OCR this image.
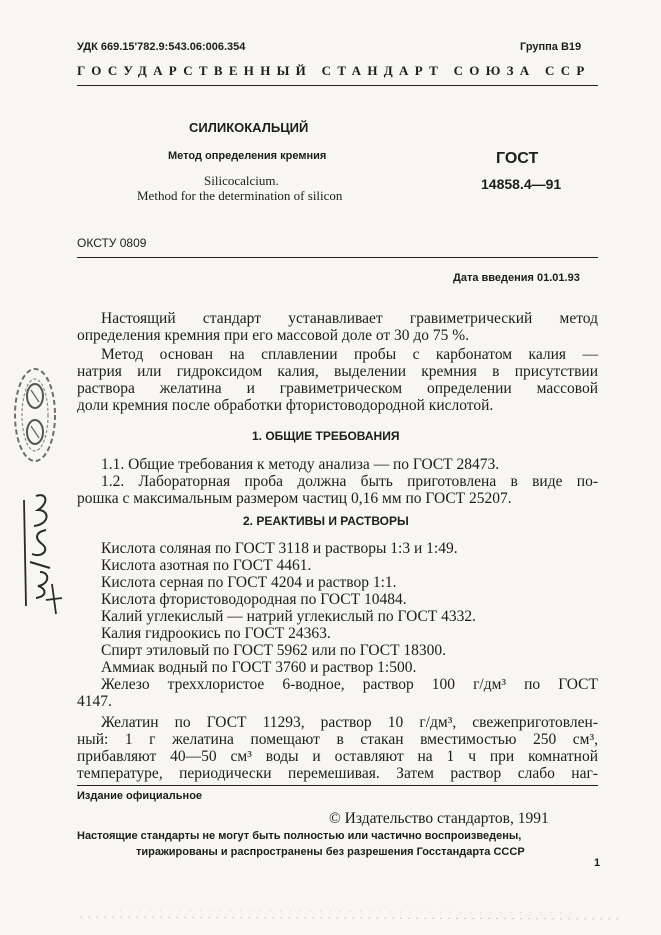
УДК 669.15'782.9:543.06:006.354	Группа В19
ГОСУДАРСТВЕННЫЙ СТАНДАРТ СОЮЗА ССР
СИЛИКОКАЛЬЦИЙ
Метод определения кремния
Silicocalcium.
Method for the determination of silicon
ГОСТ
14858.4—91
ОКСТУ 0809
Дата введения 01.01.93
Настоящий стандарт устанавливает гравиметрический метод
определения кремния при его массовой доле от 30 до 75 %.
Метод основан на сплавлении пробы с карбонатом калия —
натрия или гидроксидом калия, выделении кремния в присутствии
раствора желатина и гравиметрическом определении массовой
доли кремния после обработки фтористоводородной кислотой.
1. ОБЩИЕ ТРЕБОВАНИЯ
1.1. Общие требования к методу анализа — по ГОСТ 28473.
1.2. Лабораторная проба должна быть приготовлена в виде по-
рошка с максимальным размером частиц 0,16 мм по ГОСТ 25207.
2. РЕАКТИВЫ И РАСТВОРЫ
Кислота соляная по ГОСТ 3118 и растворы 1:3 и 1:49.
Кислота азотная по ГОСТ 4461.
Кислота серная по ГОСТ 4204 и раствор 1:1.
Кислота фтористоводородная по ГОСТ 10484.
Калий углекислый — натрий углекислый по ГОСТ 4332.
Калия гидроокись по ГОСТ 24363.
Спирт этиловый по ГОСТ 5962 или по ГОСТ 18300.
Аммиак водный по ГОСТ 3760 и раствор 1:500.
Железо треххлористое 6-водное, раствор 100 г/дм³ по ГОСТ
4147.
Желатин по ГОСТ 11293, раствор 10 г/дм³, свежеприготовлен-
ный: 1 г желатина помещают в стакан вместимостью 250 см³,
прибавляют 40—50 см³ воды и оставляют на 1 ч при комнатной
температуре, периодически перемешивая. Затем раствор слабо наг-
Издание официальное
© Издательство стандартов, 1991
Настоящие стандарты не могут быть полностью или частично воспроизведены,
тиражированы и распространены без разрешения Госстандарта СССР
1
